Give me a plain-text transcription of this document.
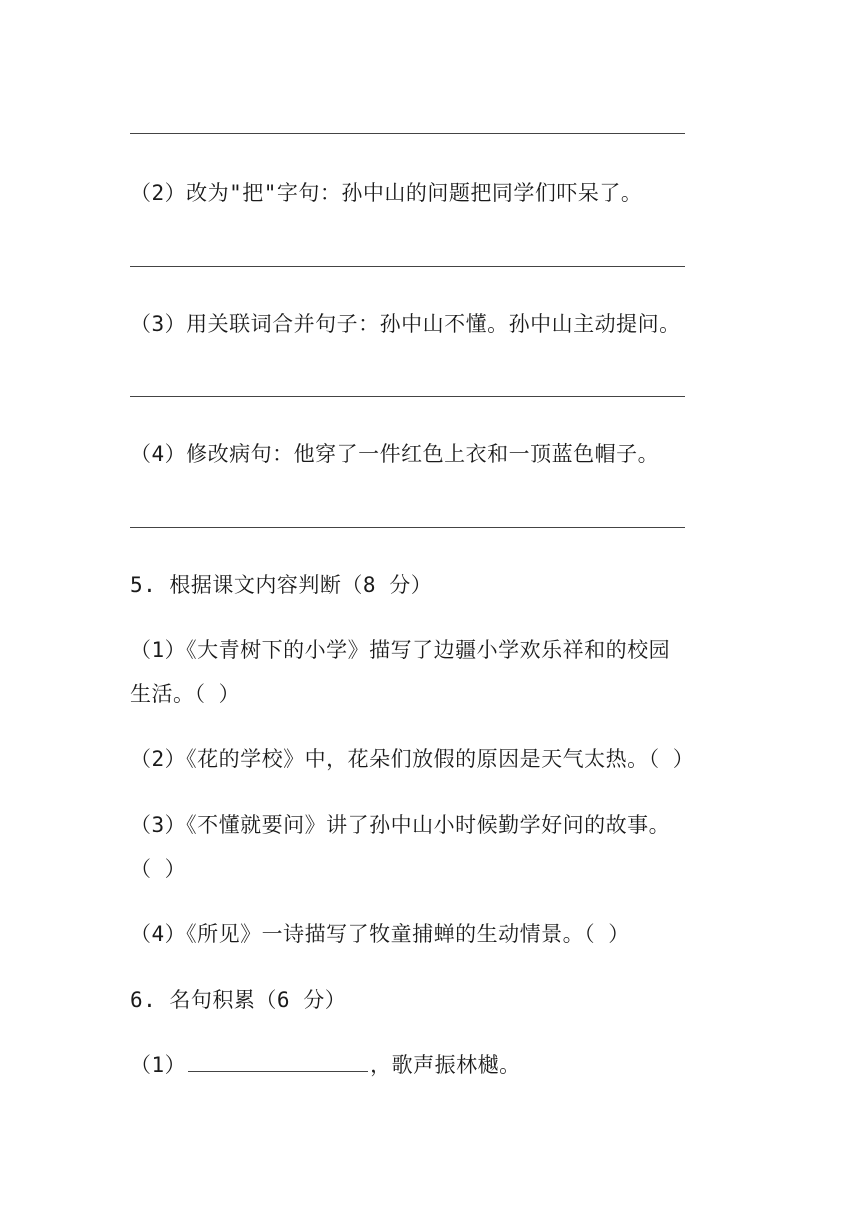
（2）改为"把"字句：孙中山的问题把同学们吓呆了。
（3）用关联词合并句子：孙中山不懂。孙中山主动提问。
（4）修改病句：他穿了一件红色上衣和一顶蓝色帽子。
5. 根据课文内容判断（8 分）
（1）《大青树下的小学》描写了边疆小学欢乐祥和的校园
生活。（ ）
（2）《花的学校》中，花朵们放假的原因是天气太热。（ ）
（3）《不懂就要问》讲了孙中山小时候勤学好问的故事。
（ ）
（4）《所见》一诗描写了牧童捕蝉的生动情景。（ ）
6. 名句积累（6 分）
（1）	，歌声振林樾。
